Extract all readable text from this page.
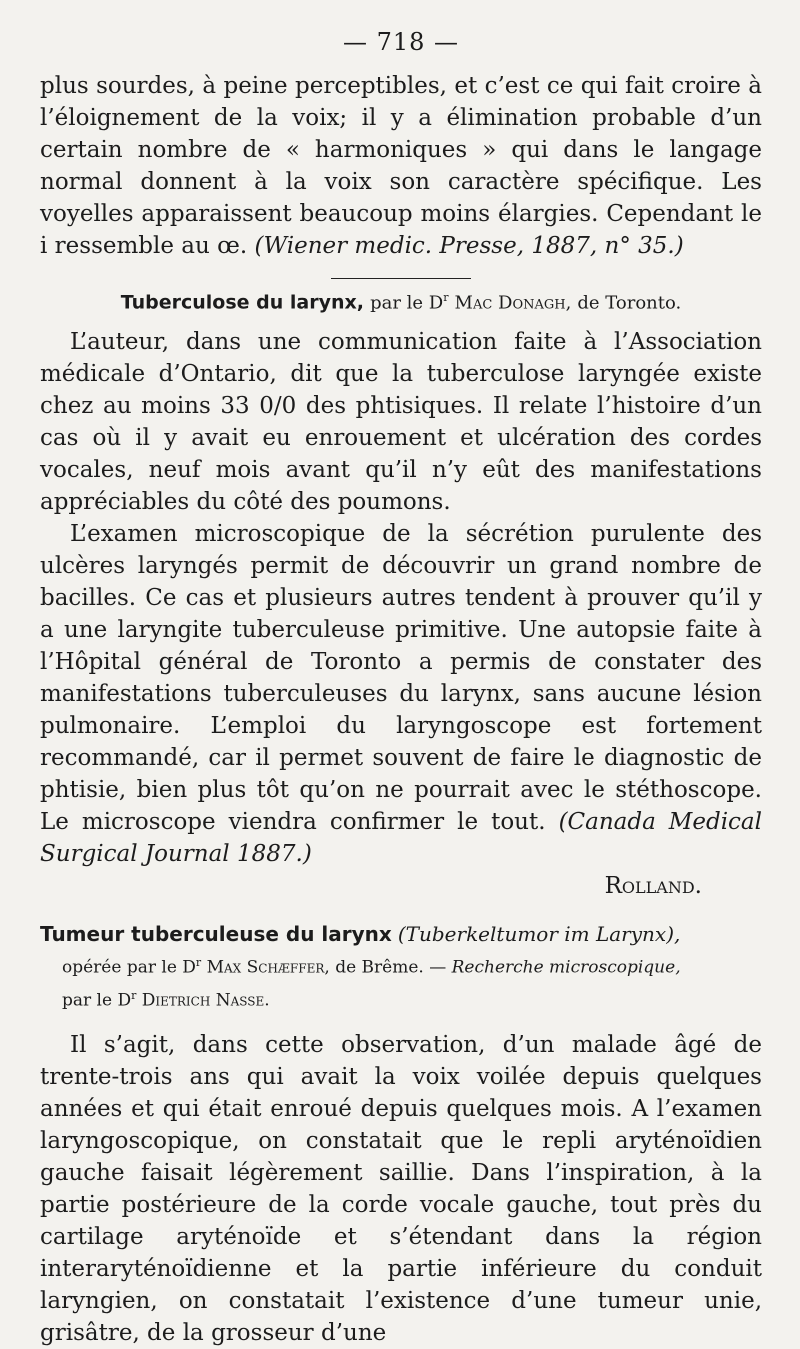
— 718 —

plus sourdes, à peine perceptibles, et c’est ce qui fait croire à l’éloignement de la voix; il y a élimination probable d’un certain nombre de « harmoniques » qui dans le langage normal donnent à la voix son caractère spécifique. Les voyelles apparaissent beaucoup moins élargies. Cependant le i ressemble au œ. (Wiener medic. Presse, 1887, n° 35.)

Tuberculose du larynx, par le $D^r$ Mac Donagh, de Toronto.

L’auteur, dans une communication faite à l’Association médicale d’Ontario, dit que la tuberculose laryngée existe chez au moins 33 0/0 des phtisiques. Il relate l’histoire d’un cas où il y avait eu enrouement et ulcération des cordes vocales, neuf mois avant qu’il n’y eût des manifestations appréciables du côté des poumons.

L’examen microscopique de la sécrétion purulente des ulcères laryngés permit de découvrir un grand nombre de bacilles. Ce cas et plusieurs autres tendent à prouver qu’il y a une laryngite tuberculeuse primitive. Une autopsie faite à l’Hôpital général de Toronto a permis de constater des manifestations tuberculeuses du larynx, sans aucune lésion pulmonaire. L’emploi du laryngoscope est fortement recommandé, car il permet souvent de faire le diagnostic de phtisie, bien plus tôt qu’on ne pourrait avec le stéthoscope. Le microscope viendra confirmer le tout. (Canada Medical Surgical Journal 1887.)

Rolland.
Tumeur tuberculeuse du larynx (Tuberkeltumor im Larynx),
opérée par le $D^r$ Max Schæffer, de Brême. — Recherche microscopique,
par le $D^r$ Dietrich Nasse.

Il s’agit, dans cette observation, d’un malade âgé de trente-trois ans qui avait la voix voilée depuis quelques années et qui était enroué depuis quelques mois. A l’examen laryngoscopique, on constatait que le repli aryténoïdien gauche faisait légèrement saillie. Dans l’inspiration, à la partie postérieure de la corde vocale gauche, tout près du cartilage aryténoïde et s’étendant dans la région interaryténoïdienne et la partie inférieure du conduit laryngien, on constatait l’existence d’une tumeur unie, grisâtre, de la grosseur d’une
